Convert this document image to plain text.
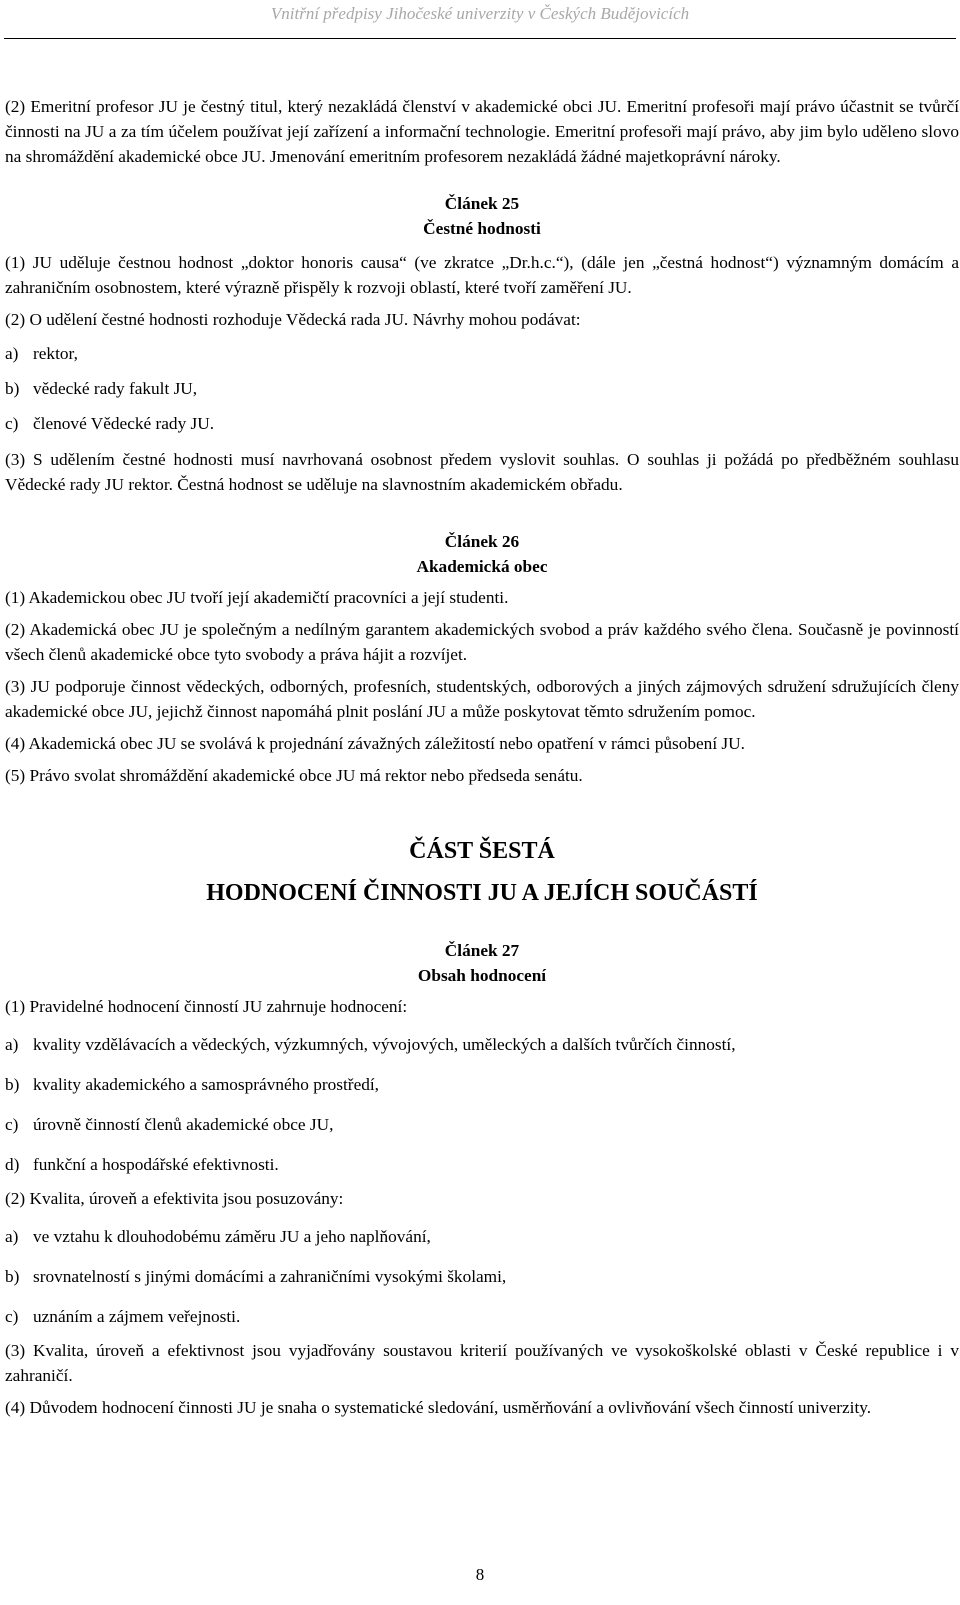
Vnitřní předpisy Jihočeské univerzity v Českých Budějovicích

(2) Emeritní profesor JU je čestný titul, který nezakládá členství v akademické obci JU. Emeritní profesoři mají právo účastnit se tvůrčí činnosti na JU a za tím účelem používat její zařízení a informační technologie. Emeritní profesoři mají právo, aby jim bylo uděleno slovo na shromáždění akademické obce JU. Jmenování emeritním profesorem nezakládá žádné majetkoprávní nároky.

Článek 25

Čestné hodnosti

(1) JU uděluje čestnou hodnost „doktor honoris causa“ (ve zkratce „Dr.h.c.“), (dále jen „čestná hodnost“) významným domácím a zahraničním osobnostem, které výrazně přispěly k rozvoji oblastí, které tvoří zaměření JU.

(2) O udělení čestné hodnosti rozhoduje Vědecká rada JU. Návrhy mohou podávat:

a) rektor,

b) vědecké rady fakult JU,

c) členové Vědecké rady JU.

(3) S udělením čestné hodnosti musí navrhovaná osobnost předem vyslovit souhlas. O souhlas ji požádá po předběžném souhlasu Vědecké rady JU rektor. Čestná hodnost se uděluje na slavnostním akademickém obřadu.

Článek 26

Akademická obec

(1) Akademickou obec JU tvoří její akademičtí pracovníci a její studenti.

(2) Akademická obec JU je společným a nedílným garantem akademických svobod a práv každého svého člena. Současně je povinností všech členů akademické obce tyto svobody a práva hájit a rozvíjet.

(3) JU podporuje činnost vědeckých, odborných, profesních, studentských, odborových a jiných zájmových sdružení sdružujících členy akademické obce JU, jejichž činnost napomáhá plnit poslání JU a může poskytovat těmto sdružením pomoc.

(4) Akademická obec JU se svolává k projednání závažných záležitostí nebo opatření v rámci působení JU.

(5) Právo svolat shromáždění akademické obce JU má rektor nebo předseda senátu.

ČÁST ŠESTÁ

HODNOCENÍ ČINNOSTI JU A JEJÍCH SOUČÁSTÍ

Článek 27

Obsah hodnocení

(1) Pravidelné hodnocení činností JU zahrnuje hodnocení:

a) kvality vzdělávacích a vědeckých, výzkumných, vývojových, uměleckých a dalších tvůrčích činností,

b) kvality akademického a samosprávného prostředí,

c) úrovně činností členů akademické obce JU,

d) funkční a hospodářské efektivnosti.

(2) Kvalita, úroveň a efektivita jsou posuzovány:

a) ve vztahu k dlouhodobému záměru JU a jeho naplňování,

b) srovnatelností s jinými domácími a zahraničními vysokými školami,

c) uznáním a zájmem veřejnosti.

(3) Kvalita, úroveň a efektivnost jsou vyjadřovány soustavou kriterií používaných ve vysokoškolské oblasti v České republice i v zahraničí.

(4) Důvodem hodnocení činnosti JU je snaha o systematické sledování, usměrňování a ovlivňování všech činností univerzity.

8
